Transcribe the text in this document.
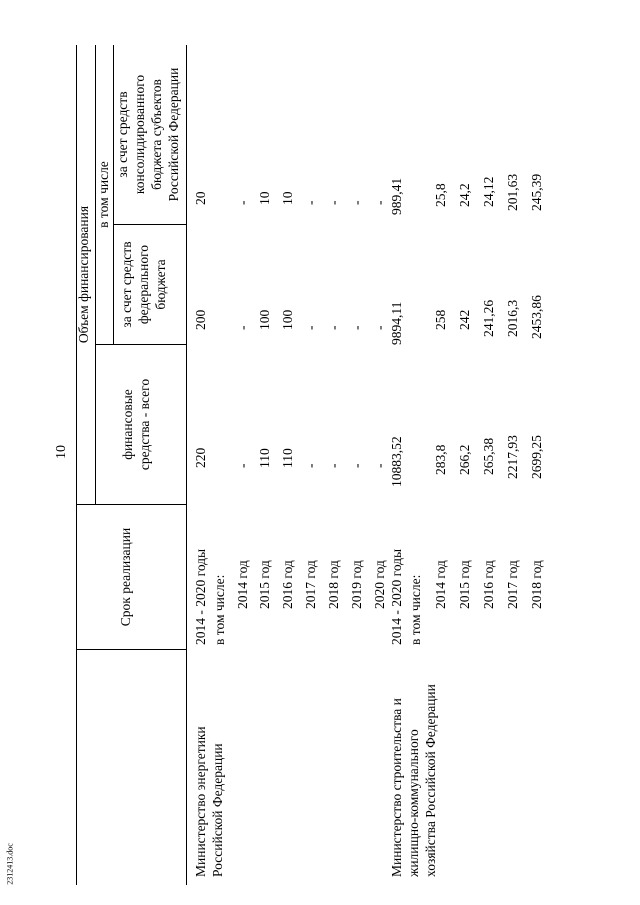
10
2312413.doc
Срок реализации
Объем финансирования
финансовые средства - всего
в том числе
за счет средств федерального бюджета
за счет средств консолидированного бюджета субъектов Российской Федерации
Министерство энергетики Российской Федерации
2014 - 2020 годы
220
200
20
в том числе: 2014 год
-
-
-
2015 год
110
100
10
2016 год
110
100
10
2017 год
-
-
-
2018 год
-
-
-
2019 год
-
-
-
2020 год
-
-
-
Министерство строительства и жилищно-коммунального хозяйства Российской Федерации
2014 - 2020 годы
10883,52
9894,11
989,41
в том числе: 2014 год
283,8
258
25,8
2015 год
266,2
242
24,2
2016 год
265,38
241,26
24,12
2017 год
2217,93
2016,3
201,63
2018 год
2699,25
2453,86
245,39
